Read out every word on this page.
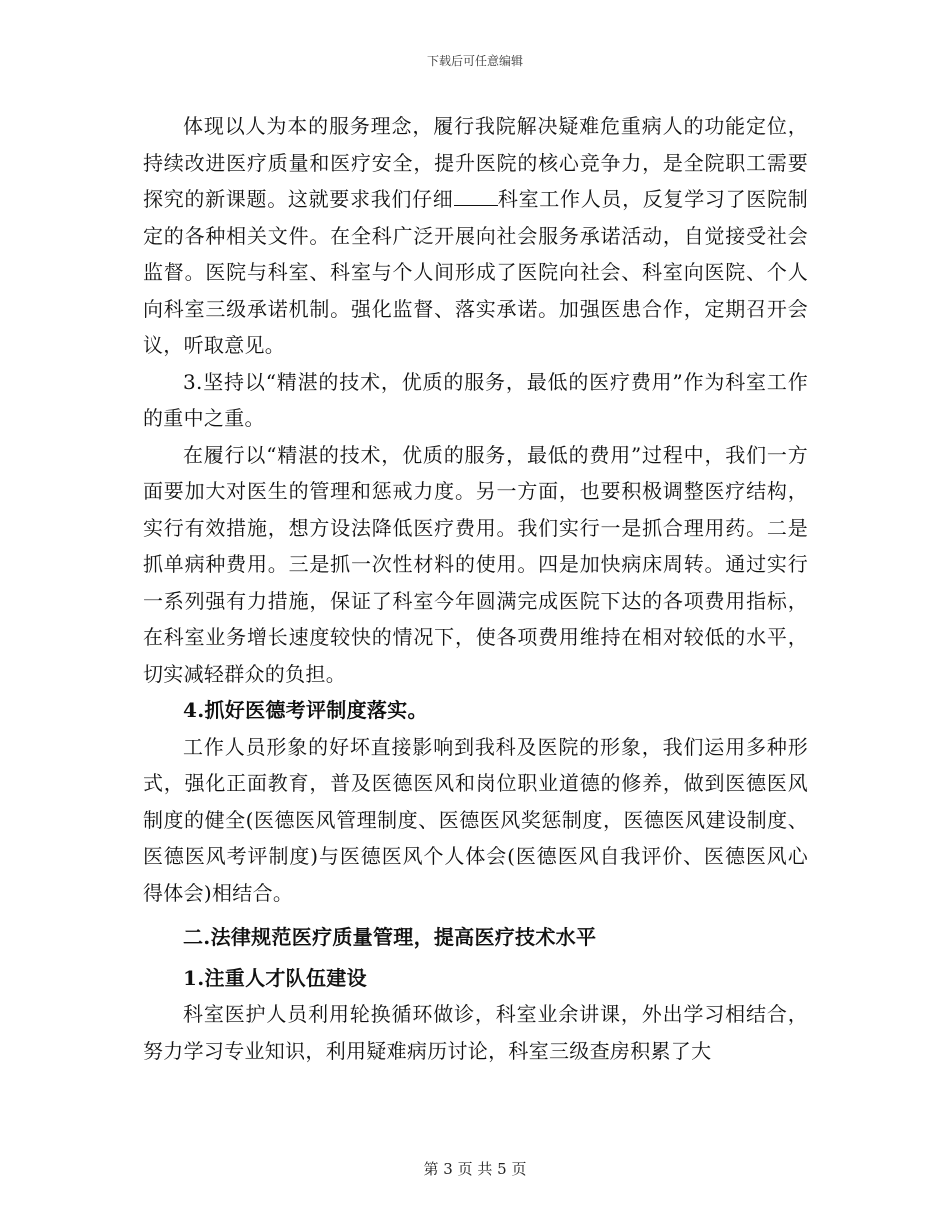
下载后可任意编辑

体现以人为本的服务理念，履行我院解决疑难危重病人的功能定位，持续改进医疗质量和医疗安全，提升医院的核心竞争力，是全院职工需要探究的新课题。这就要求我们仔细 科室工作人员，反复学习了医院制定的各种相关文件。在全科广泛开展向社会服务承诺活动，自觉接受社会监督。医院与科室、科室与个人间形成了医院向社会、科室向医院、个人向科室三级承诺机制。强化监督、落实承诺。加强医患合作，定期召开会议，听取意见。

3.坚持以“精湛的技术，优质的服务，最低的医疗费用”作为科室工作的重中之重。

在履行以“精湛的技术，优质的服务，最低的费用”过程中，我们一方面要加大对医生的管理和惩戒力度。另一方面，也要积极调整医疗结构，实行有效措施，想方设法降低医疗费用。我们实行一是抓合理用药。二是抓单病种费用。三是抓一次性材料的使用。四是加快病床周转。通过实行一系列强有力措施，保证了科室今年圆满完成医院下达的各项费用指标，在科室业务增长速度较快的情况下，使各项费用维持在相对较低的水平，切实减轻群众的负担。

4.抓好医德考评制度落实。

工作人员形象的好坏直接影响到我科及医院的形象，我们运用多种形式，强化正面教育，普及医德医风和岗位职业道德的修养，做到医德医风制度的健全(医德医风管理制度、医德医风奖惩制度，医德医风建设制度、医德医风考评制度)与医德医风个人体会(医德医风自我评价、医德医风心得体会)相结合。

二.法律规范医疗质量管理，提高医疗技术水平

1.注重人才队伍建设

科室医护人员利用轮换循环做诊，科室业余讲课，外出学习相结合，努力学习专业知识，利用疑难病历讨论，科室三级查房积累了大

第 3 页 共 5 页
